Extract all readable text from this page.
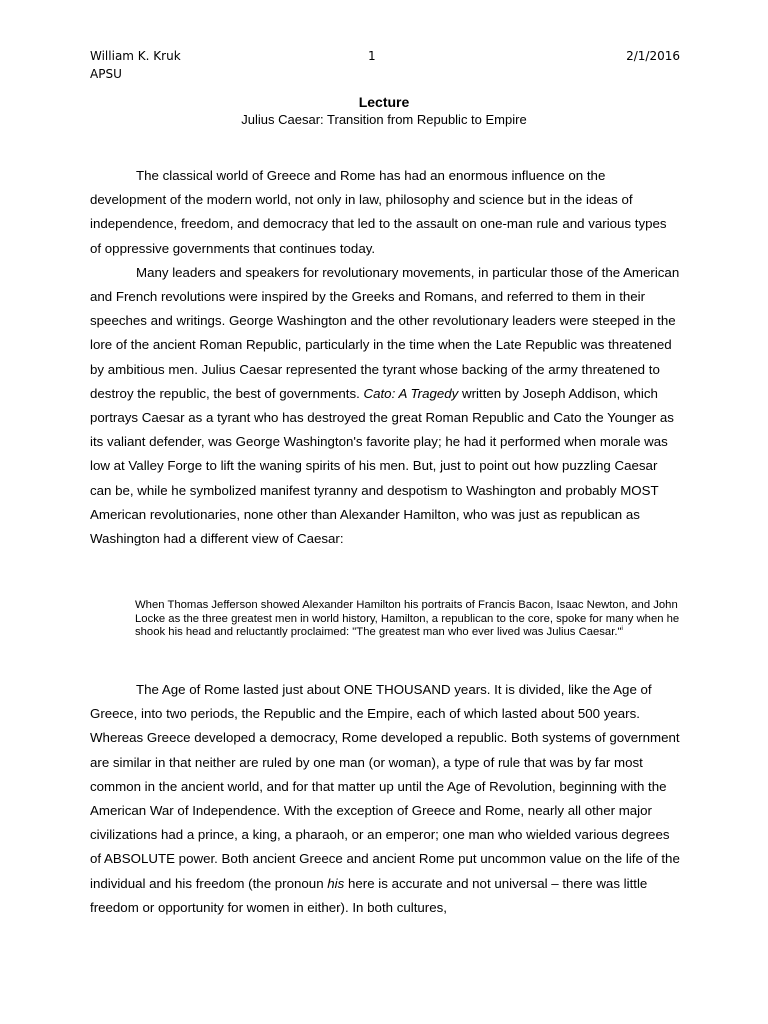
William K. Kruk
APSU
1	2/1/2016
Lecture
Julius Caesar: Transition from Republic to Empire

The classical world of Greece and Rome has had an enormous influence on the development of the modern world, not only in law, philosophy and science but in the ideas of independence, freedom, and democracy that led to the assault on one-man rule and various types of oppressive governments that continues today.

Many leaders and speakers for revolutionary movements, in particular those of the American and French revolutions were inspired by the Greeks and Romans, and referred to them in their speeches and writings. George Washington and the other revolutionary leaders were steeped in the lore of the ancient Roman Republic, particularly in the time when the Late Republic was threatened by ambitious men. Julius Caesar represented the tyrant whose backing of the army threatened to destroy the republic, the best of governments. Cato: A Tragedy written by Joseph Addison, which portrays Caesar as a tyrant who has destroyed the great Roman Republic and Cato the Younger as its valiant defender, was George Washington's favorite play; he had it performed when morale was low at Valley Forge to lift the waning spirits of his men. But, just to point out how puzzling Caesar can be, while he symbolized manifest tyranny and despotism to Washington and probably MOST American revolutionaries, none other than Alexander Hamilton, who was just as republican as Washington had a different view of Caesar:

When Thomas Jefferson showed Alexander Hamilton his portraits of Francis Bacon, Isaac Newton, and John Locke as the three greatest men in world history, Hamilton, a republican to the core, spoke for many when he shook his head and reluctantly proclaimed: "The greatest man who ever lived was Julius Caesar."$^i$

The Age of Rome lasted just about ONE THOUSAND years. It is divided, like the Age of Greece, into two periods, the Republic and the Empire, each of which lasted about 500 years. Whereas Greece developed a democracy, Rome developed a republic. Both systems of government are similar in that neither are ruled by one man (or woman), a type of rule that was by far most common in the ancient world, and for that matter up until the Age of Revolution, beginning with the American War of Independence. With the exception of Greece and Rome, nearly all other major civilizations had a prince, a king, a pharaoh, or an emperor; one man who wielded various degrees of ABSOLUTE power. Both ancient Greece and ancient Rome put uncommon value on the life of the individual and his freedom (the pronoun his here is accurate and not universal – there was little freedom or opportunity for women in either). In both cultures,
